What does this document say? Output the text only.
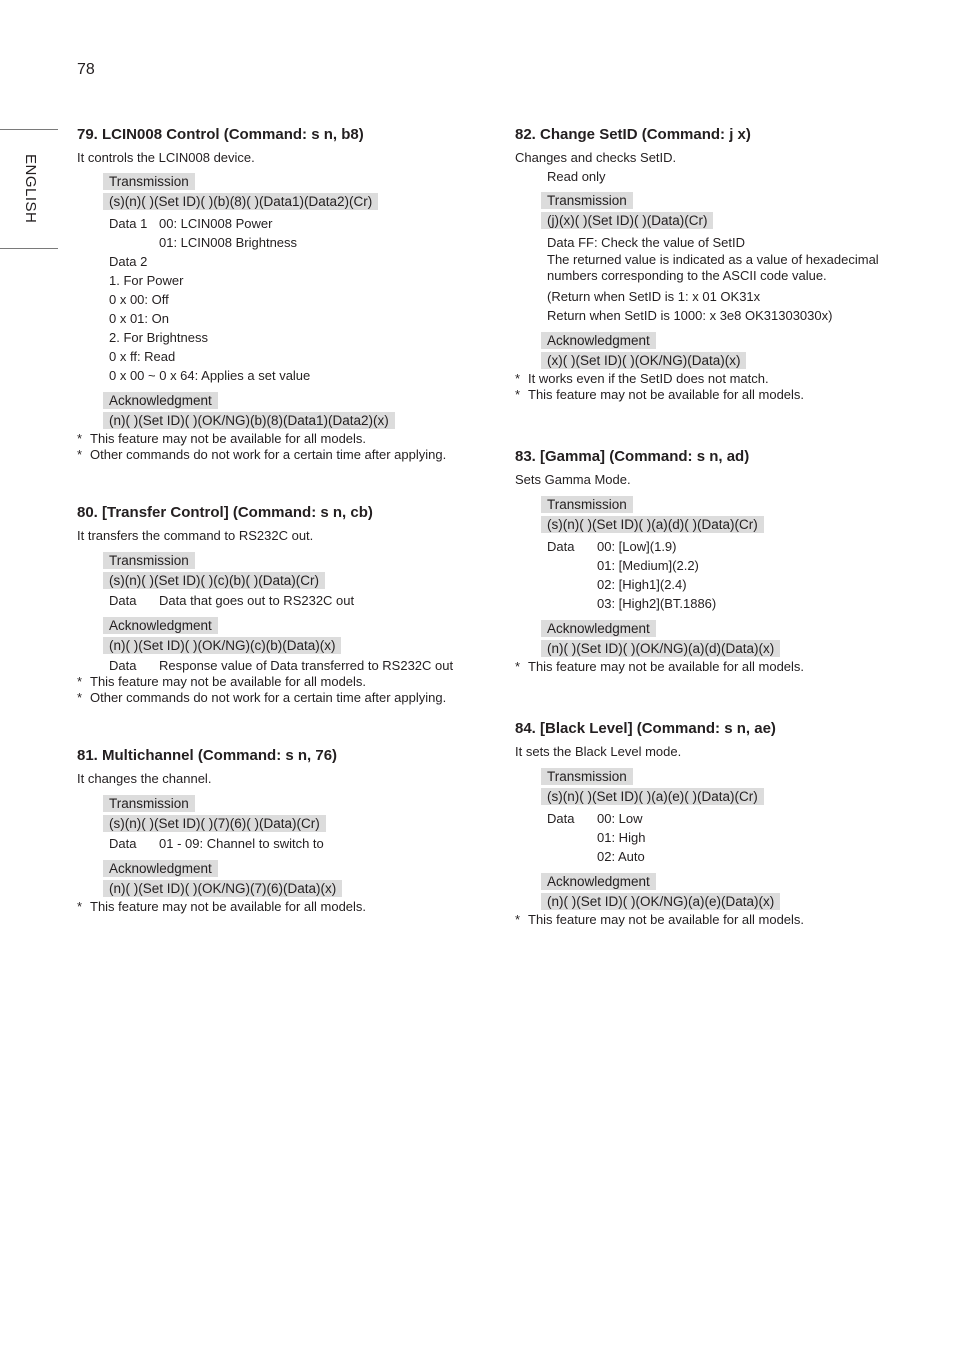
78
ENGLISH
79. LCIN008 Control (Command: s n, b8)

It controls the LCIN008 device.

Transmission
(s)(n)( )(Set ID)( )(b)(8)( )(Data1)(Data2)(Cr)
Data 1 00: LCIN008 Power
01: LCIN008 Brightness

Data 2

1. For Power

0 x 00: Off

0 x 01: On

2. For Brightness

0 x ff: Read

0 x 00 ~ 0 x 64: Applies a set value

Acknowledgment
(n)( )(Set ID)( )(OK/NG)(b)(8)(Data1)(Data2)(x)
* This feature may not be available for all models.
* Other commands do not work for a certain time after applying.
80. [Transfer Control] (Command: s n, cb)

It transfers the command to RS232C out.

Transmission
(s)(n)( )(Set ID)( )(c)(b)( )(Data)(Cr)
Data	Data that goes out to RS232C out
Acknowledgment
(n)( )(Set ID)( )(OK/NG)(c)(b)(Data)(x)
Data	Response value of Data transferred to RS232C out
* This feature may not be available for all models.
* Other commands do not work for a certain time after applying.
81. Multichannel (Command: s n, 76)

It changes the channel.

Transmission
(s)(n)( )(Set ID)( )(7)(6)( )(Data)(Cr)
Data	01 - 09: Channel to switch to
Acknowledgment
(n)( )(Set ID)( )(OK/NG)(7)(6)(Data)(x)
* This feature may not be available for all models.
82. Change SetID (Command: j x)

Changes and checks SetID.

Read only

Transmission
(j)(x)( )(Set ID)( )(Data)(Cr)

Data FF: Check the value of SetID

The returned value is indicated as a value of hexadecimal numbers corresponding to the ASCII code value.

(Return when SetID is 1: x 01 OK31x

Return when SetID is 1000: x 3e8 OK31303030x)

Acknowledgment
(x)( )(Set ID)( )(OK/NG)(Data)(x)
* It works even if the SetID does not match.
* This feature may not be available for all models.
83. [Gamma] (Command: s n, ad)

Sets Gamma Mode.

Transmission
(s)(n)( )(Set ID)( )(a)(d)( )(Data)(Cr)
Data	00: [Low](1.9)
01: [Medium](2.2)
02: [High1](2.4)
03: [High2](BT.1886)
Acknowledgment
(n)( )(Set ID)( )(OK/NG)(a)(d)(Data)(x)
* This feature may not be available for all models.
84. [Black Level] (Command: s n, ae)

It sets the Black Level mode.

Transmission
(s)(n)( )(Set ID)( )(a)(e)( )(Data)(Cr)
Data	00: Low
01: High
02: Auto
Acknowledgment
(n)( )(Set ID)( )(OK/NG)(a)(e)(Data)(x)
* This feature may not be available for all models.
